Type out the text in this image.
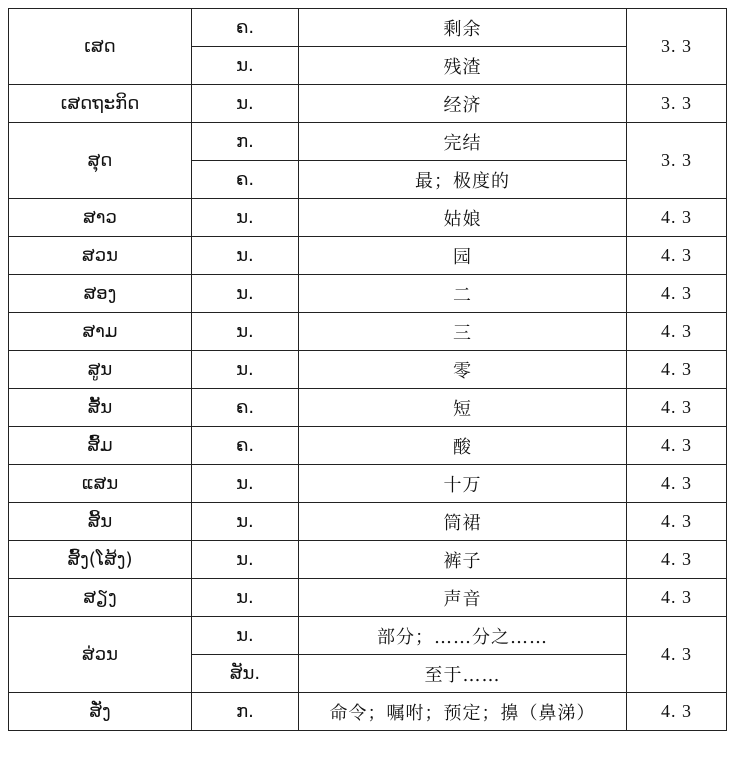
ເສດ	ຄ.	剩余	3. 3
	ນ.	残渣	
ເສດຖະກິດ	ນ.	经济	3. 3
ສຸດ	ກ.	完结	3. 3
	ຄ.	最；极度的	
ສາວ	ນ.	姑娘	4. 3
ສວນ	ນ.	园	4. 3
ສອງ	ນ.	二	4. 3
ສາມ	ນ.	三	4. 3
ສູນ	ນ.	零	4. 3
ສັ້ນ	ຄ.	短	4. 3
ສົ້ມ	ຄ.	酸	4. 3
ແສນ	ນ.	十万	4. 3
ສິ້ນ	ນ.	筒裙	4. 3
ສົ້ງ(ໂສ້ງ)	ນ.	裤子	4. 3
ສຽງ	ນ.	声音	4. 3
ສ່ວນ	ນ.	部分；……分之……	4. 3
	ສັນ.	至于……	
ສັ່ງ	ກ.	命令；嘱咐；预定；擤（鼻涕）	4. 3
